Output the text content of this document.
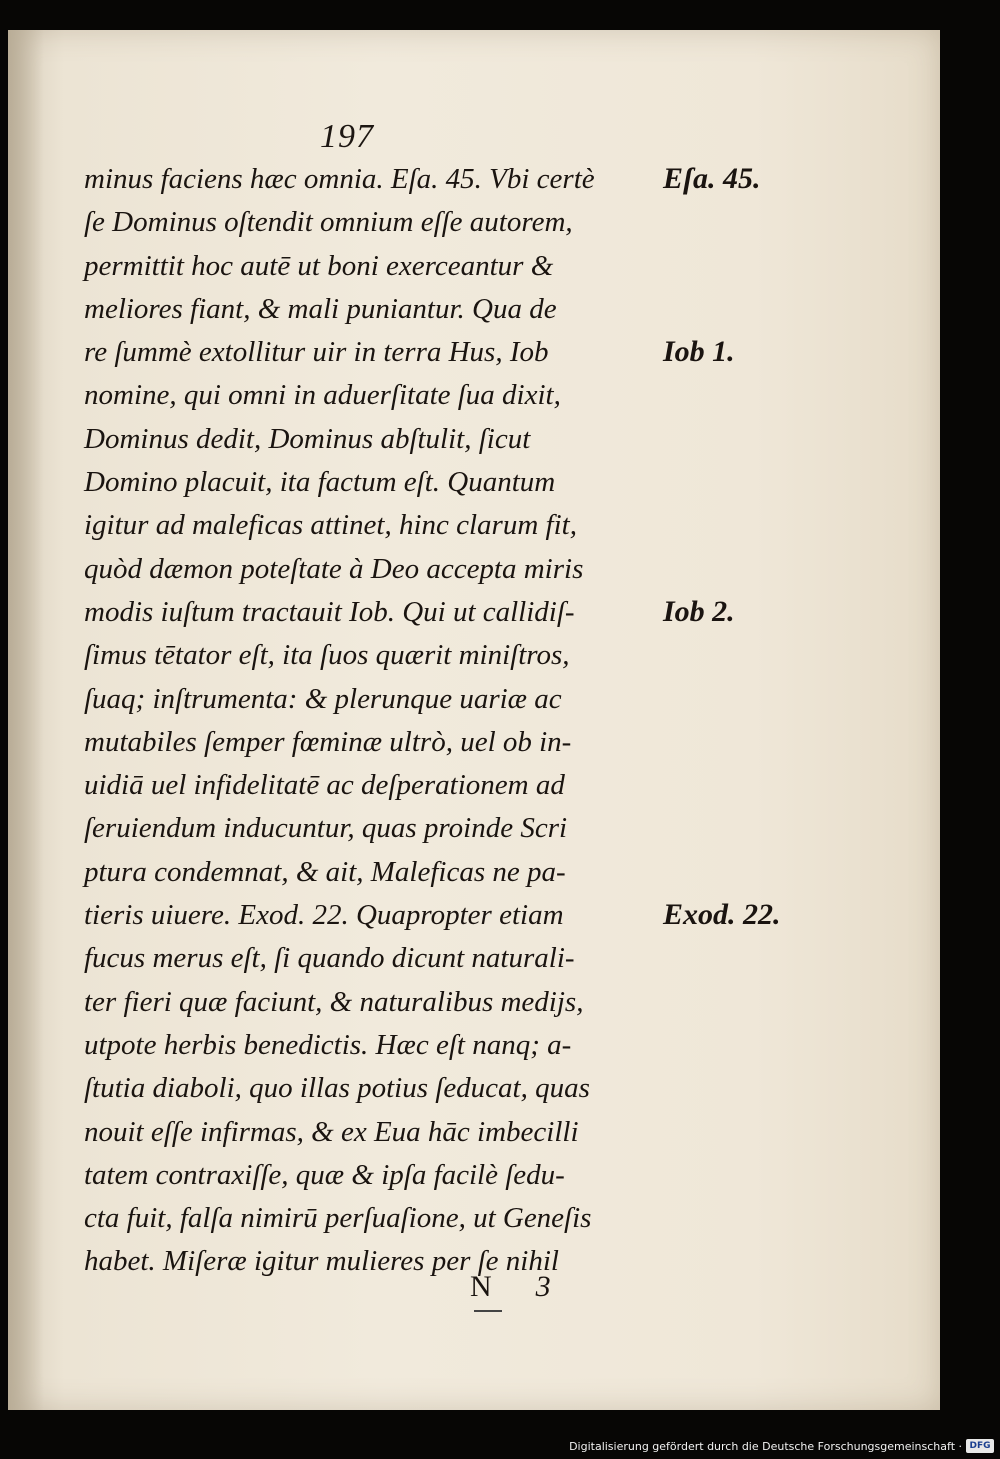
197
minus faciens hæc omnia. Eſa. 45. Vbi certè
ſe Dominus oſtendit omnium eſſe autorem,
permittit hoc autē ut boni exerceantur &
meliores fiant, & mali puniantur. Qua de
re ſummè extollitur uir in terra Hus, Iob
nomine, qui omni in aduerſitate ſua dixit,
Dominus dedit, Dominus abſtulit, ſicut
Domino placuit, ita factum eſt. Quantum
igitur ad maleficas attinet, hinc clarum fit,
quòd dæmon poteſtate à Deo accepta miris
modis iuſtum tractauit Iob. Qui ut callidiſ-
ſimus tētator eſt, ita ſuos quærit miniſtros,
ſuaq; inſtrumenta: & plerunque uariæ ac
mutabiles ſemper fœminæ ultrò, uel ob in-
uidiā uel infidelitatē ac deſperationem ad
ſeruiendum inducuntur, quas proinde Scri
ptura condemnat, & ait, Maleficas ne pa-
tieris uiuere. Exod. 22. Quapropter etiam
fucus merus eſt, ſi quando dicunt naturali-
ter fieri quæ faciunt, & naturalibus medijs,
utpote herbis benedictis. Hæc eſt nanq; a-
ſtutia diaboli, quo illas potius ſeducat, quas
nouit eſſe infirmas, & ex Eua hāc imbecilli
tatem contraxiſſe, quæ & ipſa facilè ſedu-
cta fuit, falſa nimirū perſuaſione, ut Geneſis
habet. Miſeræ igitur mulieres per ſe nihil
Eſa. 45.
Iob 1.
Iob 2.
Exod. 22.
N 3
Digitalisierung gefördert durch die Deutsche Forschungsgemeinschaft · DFG
